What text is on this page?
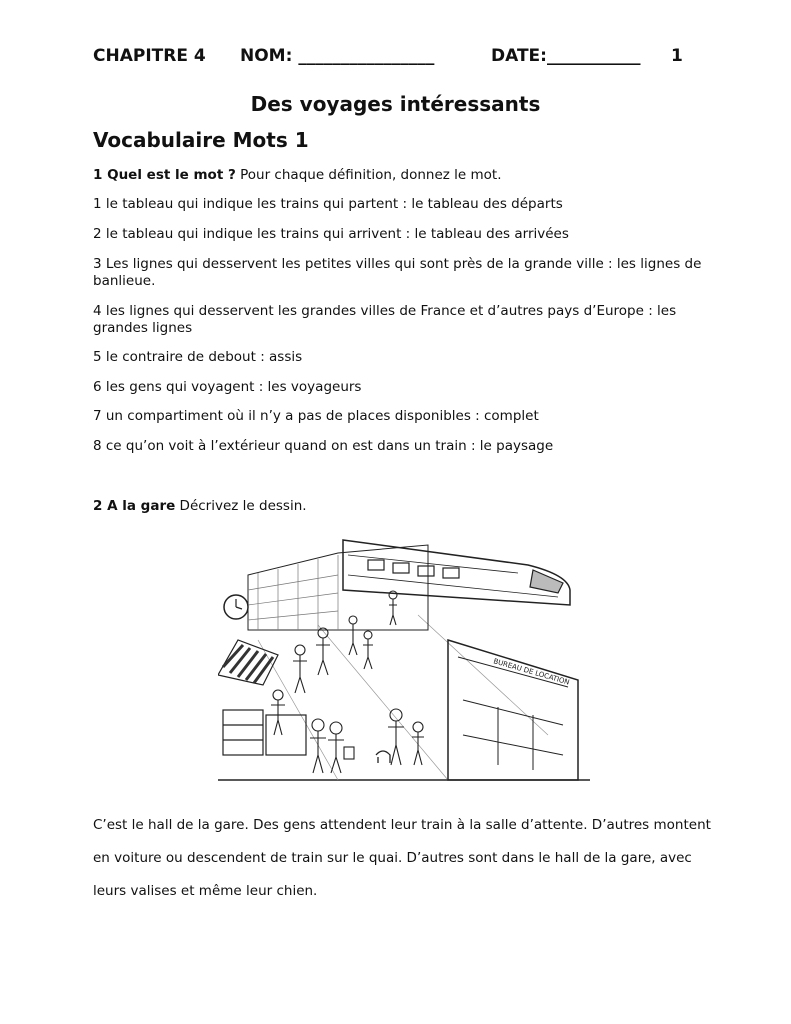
CHAPITRE 4 NOM: ________________	DATE:___________ 1
Des voyages intéressants
Vocabulaire Mots 1
1 Quel est le mot ? Pour chaque définition, donnez le mot.
1 le tableau qui indique les trains qui partent : le tableau des départs
2 le tableau qui indique les trains qui arrivent : le tableau des arrivées
3 Les lignes qui desservent les petites villes qui sont près de la grande ville : les lignes de banlieue.
4 les lignes qui desservent les grandes villes de France et d’autres pays d’Europe : les grandes lignes
5 le contraire de debout : assis
6 les gens qui voyagent : les voyageurs
7 un compartiment où il n’y a pas de places disponibles : complet
8 ce qu’on voit à l’extérieur quand on est dans un train : le paysage
2 A la gare Décrivez le dessin.
BUREAU DE LOCATION
C’est le hall de la gare. Des gens attendent leur train à la salle d’attente. D’autres montent en voiture ou descendent de train sur le quai. D’autres sont dans le hall de la gare, avec leurs valises et même leur chien.
